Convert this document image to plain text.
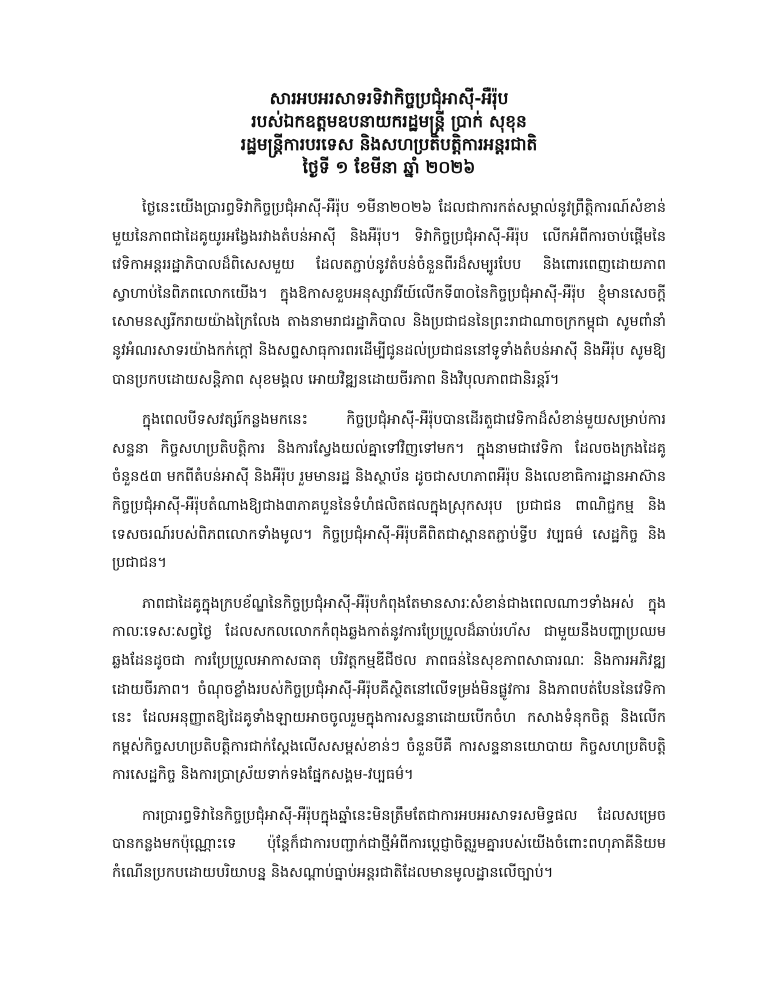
សារអបអរសាទរទិវាកិច្ចប្រជុំអាស៊ី-អឺរ៉ុប
របស់ឯកឧត្តមឧបនាយករដ្ឋមន្ត្រី ប្រាក់ សុខុន
រដ្ឋមន្ត្រីការបរទេស និងសហប្រតិបត្តិការអន្តរជាតិ
ថ្ងៃទី ១ ខែមីនា ឆ្នាំ ២០២៦

ថ្ងៃនេះយើងប្រារព្ធទិវាកិច្ចប្រជុំអាស៊ី-អឺរ៉ុប ១មីនា២០២៦ ដែលជាការកត់សម្គាល់នូវព្រឹត្តិការណ៍សំខាន់មួយនៃភាពជាដៃគូយូរអង្វែងរវាងតំបន់អាស៊ី និងអឺរ៉ុប។ ទិវាកិច្ចប្រជុំអាស៊ី-អឺរ៉ុប លើកអំពីការចាប់ផ្តើមនៃវេទិកាអន្តររដ្ឋាភិបាលដ៏ពិសេសមួយ ដែលតភ្ជាប់នូវតំបន់ចំនួនពីរដ៏សម្បូរបែប និងពោរពេញដោយភាពស្វាហាប់នៃពិភពលោកយើង។ ក្នុងឱកាសខួបអនុស្សាវរីយ៍លើកទី៣០នៃកិច្ចប្រជុំអាស៊ី-អឺរ៉ុប ខ្ញុំមានសេចក្តីសោមនស្សរីករាយយ៉ាងក្រៃលែង តាងនាមរាជរដ្ឋាភិបាល និងប្រជាជននៃព្រះរាជាណាចក្រកម្ពុជា សូមពាំនាំនូវអំណរសាទរយ៉ាងកក់ក្តៅ និងសព្ទសាធុការពរដើម្បីជូនដល់ប្រជាជននៅទូទាំងតំបន់អាស៊ី និងអឺរ៉ុប សូមឱ្យបានប្រកបដោយសន្តិភាព សុខមង្គល អោយវិឌ្ឍនដោយចីរភាព និងវិបុលភាពជានិរន្តរ៍។

ក្នុងពេលបីទសវត្សរ៍កន្លងមកនេះ កិច្ចប្រជុំអាស៊ី-អឺរ៉ុបបានដើរតួជាវេទិកាដ៏សំខាន់មួយសម្រាប់ការសន្ទនា កិច្ចសហប្រតិបត្តិការ និងការស្វែងយល់គ្នាទៅវិញទៅមក។ ក្នុងនាមជាវេទិកា ដែលចងក្រងដៃគូចំនួន៥៣ មកពីតំបន់អាស៊ី និងអឺរ៉ុប រួមមានរដ្ឋ និងស្ថាប័ន ដូចជាសហភាពអឺរ៉ុប និងលេខាធិការដ្ឋានអាស៊ាន កិច្ចប្រជុំអាស៊ី-អឺរ៉ុបតំណាងឱ្យជាង៣ភាគបួននៃទំហំផលិតផលក្នុងស្រុកសរុប ប្រជាជន ពាណិជ្ជកម្ម និងទេសចរណ៍របស់ពិភពលោកទាំងមូល។ កិច្ចប្រជុំអាស៊ី-អឺរ៉ុបគឺពិតជាស្ពានតភ្ជាប់ទ្វីប វប្បធម៌ សេដ្ឋកិច្ច និងប្រជាជន។

ភាពជាដៃគូក្នុងក្របខ័ណ្ឌនៃកិច្ចប្រជុំអាស៊ី-អឺរ៉ុបកំពុងតែមានសារៈសំខាន់ជាងពេលណាៗទាំងអស់ ក្នុងកាលៈទេសៈសព្វថ្ងៃ ដែលសកលលោកកំពុងឆ្លងកាត់នូវការប្រែប្រួលដ៏ឆាប់រហ័ស ជាមួយនឹងបញ្ហាប្រឈមឆ្លងដែនដូចជា ការប្រែប្រួលអាកាសធាតុ បរិវត្តកម្មឌីជីថល ភាពធន់នៃសុខភាពសាធារណៈ និងការអភិវឌ្ឍដោយចីរភាព។ ចំណុចខ្លាំងរបស់កិច្ចប្រជុំអាស៊ី-អឺរ៉ុបគឺស្ថិតនៅលើទម្រង់មិនផ្លូវការ និងភាពបត់បែននៃវេទិកានេះ ដែលអនុញ្ញាតឱ្យដៃគូទាំងឡាយអាចចូលរួមក្នុងការសន្ទនាដោយបើកចំហ កសាងទំនុកចិត្ត និងលើកកម្ពស់កិច្ចសហប្រតិបត្តិការជាក់ស្តែងលើសសម្ពស់ខាន់ៗ ចំនួនបីគឺ ការសន្ទនានយោបាយ កិច្ចសហប្រតិបត្តិការសេដ្ឋកិច្ច និងការប្រាស្រ័យទាក់ទងផ្នែកសង្គម-វប្បធម៌។

ការប្រារព្ធទិវានៃកិច្ចប្រជុំអាស៊ី-អឺរ៉ុបក្នុងឆ្នាំនេះមិនត្រឹមតែជាការអបអរសាទរសមិទ្ធផល ដែលសម្រេចបានកន្លងមកប៉ុណ្ណោះទេ ប៉ុន្តែក៏ជាការបញ្ជាក់ជាថ្មីអំពីការប្តេជ្ញាចិត្តរួមគ្នារបស់យើងចំពោះពហុភាគីនិយម កំណើនប្រកបដោយបរិយាបន្ន និងសណ្តាប់ធ្នាប់អន្តរជាតិដែលមានមូលដ្ឋានលើច្បាប់។
